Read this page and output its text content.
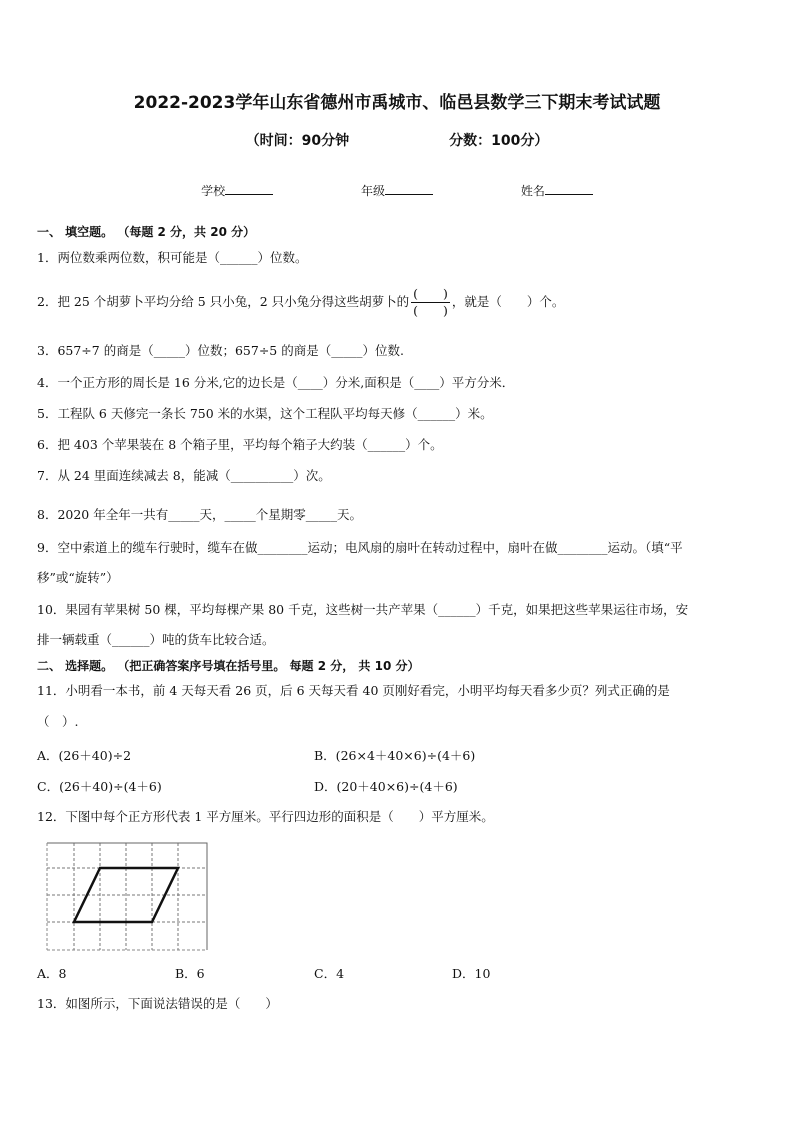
2022-2023学年山东省德州市禹城市、临邑县数学三下期末考试试题
（时间：90分钟	分数：100分）
学校	年级	姓名
一、 填空题。 （每题 2 分，共 20 分）
1．两位数乘两位数，积可能是（______）位数。
2．把 25 个胡萝卜平均分给 5 只小兔，2 只小兔分得这些胡萝卜的 $\frac{( )}{( )}$ ，就是（　　）个。
3．657÷7 的商是（_____）位数；657÷5 的商是（_____）位数.
4．一个正方形的周长是 16 分米,它的边长是（____）分米,面积是（____）平方分米．
5．工程队 6 天修完一条长 750 米的水渠，这个工程队平均每天修（______）米。
6．把 403 个苹果装在 8 个箱子里，平均每个箱子大约装（______）个。
7．从 24 里面连续减去 8，能减（__________）次。
8．2020 年全年一共有_____天，_____个星期零_____天。
9．空中索道上的缆车行驶时，缆车在做________运动；电风扇的扇叶在转动过程中，扇叶在做________运动。（填“平
移”或“旋转”）
10．果园有苹果树 50 棵，平均每棵产果 80 千克，这些树一共产苹果（______）千克，如果把这些苹果运往市场，安
排一辆载重（______）吨的货车比较合适。
二、 选择题。 （把正确答案序号填在括号里。 每题 2 分， 共 10 分）
11．小明看一本书，前 4 天每天看 26 页，后 6 天每天看 40 页刚好看完，小明平均每天看多少页？列式正确的是
（　）.
A．(26＋40)÷2	B．(26×4＋40×6)÷(4＋6)
C．(26＋40)÷(4＋6)	D．(20＋40×6)÷(4＋6)
12．下图中每个正方形代表 1 平方厘米。平行四边形的面积是（　　）平方厘米。
A．8	B．6	C．4	D．10
13．如图所示，下面说法错误的是（　　）
